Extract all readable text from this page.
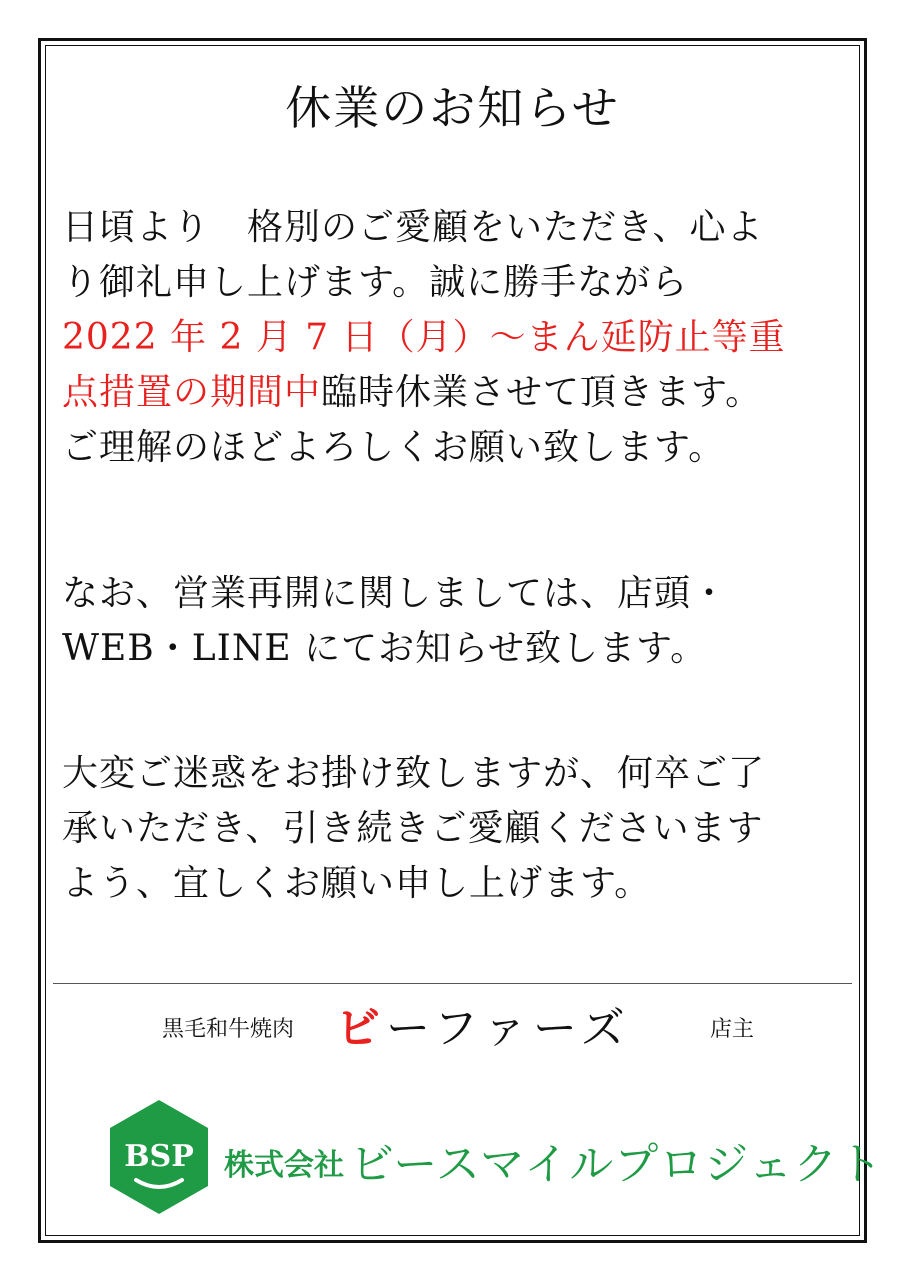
休業のお知らせ
日頃より　格別のご愛顧をいただき、心よ
り御礼申し上げます。誠に勝手ながら
2022 年 2 月 7 日（月）〜まん延防止等重
点措置の期間中臨時休業させて頂きます。
ご理解のほどよろしくお願い致します。
なお、営業再開に関しましては、店頭・
WEB・LINE にてお知らせ致します。
大変ご迷惑をお掛け致しますが、何卒ご了
承いただき、引き続きご愛顧くださいます
よう、宜しくお願い申し上げます。
黒毛和牛焼肉 ビーファーズ	店主
BSP 株式会社 ビースマイルプロジェクト
